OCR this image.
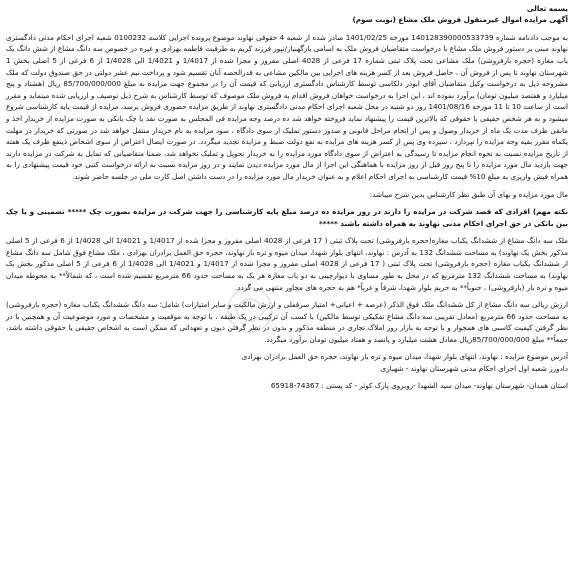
بسمه تعالی
آگهی مزایده اموال غیرمنقول فروش ملک مشاع (نوبت سوم)
به موجب دادنامه شماره 140128390000533739 مورخه 1401/02/25 صادر شده از شعبه 4 حقوقی نهاوند موضوع پرونده اجرایی کلاسه 0100232 شعبه اجرای احکام مدنی دادگستری نهاوند مبنی بر دستور فروش ملک مشاع با درخواست متقاضیان فروش ملک به اسامی بارگهنیاز/نپور فرزند کریم به طرفیت فاطمه بهزادی و غیره در خصوص سه دانگ مشاع از شش دانگ یک باب مغازه (حجره بارفروشی) ملک مشاعی تحت پلاک ثبتی شماره 17 فرعی از 4028 اصلی مفروز و مجزا شده از 1/4017 و 1/4021 الی 1/4028 از 6 فرعی از 5 اصلی بخش 1 شهرستان نهاوند تا پس از فروش آن ، حاصل فروش بعد از کسر هزینه های اجرایی بین مالکین مشاعی به قدرالحصه آنان تقسیم شود و پرداخت نیم عشر دولتی در حق صندوق دولت که ملک مشروحه ذیل به درخواست وکیل متقاضیان آقای ابوذر دلکاسی توسط کارشناس دادگستری ارزیابی که قیمت آن را در مجموع جهت مزایده به مبلغ 85/700/000/000 ریال (هشتاد و پنج میلیارد و هفتصد میلیون تومان) برآورد نموده اند ، این اجرا به درخواست خواهان فروش اقدام به فروش ملک موصوف که توسط کارشناس به شرح ذیل توصیف و ارزیابی شده مینماید و مقرر است از ساعت 10 تا 11 مورخه 1401/08/16 روز دو شنبه در محل شعبه اجرای احکام مدنی دادگستری نهاوند از طریق مزایده حضوری فروش برسد، مزایده از قیمت پایه کارشناسی شروع میشود و به هر شخص حقیقی یا حقوقی که بالاترین قیمت را پیشنهاد نماید فروخته خواهد شد ده درصد وجه مزایده فی المجلس به صورت نقد یا چک بانکی به صورت مزایده از خریدار اخذ و مابقی ظرف مدت یک ماه از خریدار وصول و پس از انجام مراحل قانونی و صدور دستور تملیک از سوی دادگاه ، سود مزایده به نام خریدار منتقل خواهد شد در صورتی که خریدار در مهلت یکماه مقرر بقیه وجه مزایده را نپردازد ، سپرده وی پس از کسر هزینه های مزایده به نفع دولت ضبط و مزایده تجدید میگردد. در صورت ایصال اعتراض از سوی اشخاص ذینفع ظرف یک هفته از تاریخ مزایده نسبت به نحوه انجام مزایده تا رسیدگی به اعتراض از سوی دادگاه مورد مزایده را به خریدار تحویل و تملیک نخواهد شد، ضمنا متقاضیانی که تمایل به شرکت در مزایده دارند جهت بازدید مال مورد مزایده را تا پنج روز قبل از روز مزایده با هماهنگی این اجرا از مال مورد مزایده دیدن نمایند و در روز مزایده نسبت به ارائه درخواست کتبی خود قیمت پیشنهادی را به همراه فیش واریزی به مبلغ 10% قیمت کارشناسی به اجرای احکام اعلام و به عنوان خریدار مال مورد مزایده را در دست داشتن اصل کارت ملی در جلسه حاضر شوند.
مال مورد مزایده و بهای آن طبق نظر کارشناس بدین شرح میباشد:
نکته مهم) افرادی که قصد شرکت در مزایده را دارند در روز مزایده ده درصد مبلغ پایه کارشناسی را جهت شرکت در مزایده بصورت چک ***** تضمینی و یا چک بین بانکی در حق اجرای احکام مدنی نهاوند به همراه داشته باشند *****
ملک سه دانگ مشاع از ششدانگ یکباب مغازه(حجره بارفروشی) تحت پلاک ثبتی ( 17 فرعی از 4028 اصلی مفروز و مجزا شده از 1/4017 و 1/4021 الی 1/4028 از 6 فرعی از 5 اصلی مذکور بخش یک نهاوند) به مساحت ششدانگ 132 به آدرس : نهاوند، انتهای بلوار شهدا، میدان میوه و تره بار نهاوند، حجره حق العمل برادران بهزادی ، ملک مشاع فوق شامل سه دانگ مشاع از ششدانگ یکباب مغازه (حجره بارفروشی) تحت پلاک ثبتی ( 17 فرعی از 4028 اصلی مفروز و مجزا شده از 1/4017 و 1/4021 الی 1/4028 از 6 فرعی از 5 اصلی مذکور بخش یک نهاوند) به مساحت ششدانگ 132 مترمربع که در محل به طور مساوی با دیوارچینی به دو باب مغازه هر یک به مساحت حدود 66 مترمربع تقسیم شده است ، که شمالاً** به محوطه میدان میوه و تره بار (بارفروشی) ، جنوباً** به حریم بلوار شهدا، شرقاً و غرباً* هم به حجره های مجاور منتهی می گردد.
ارزش ریالی سه دانگ مشاع از کل ششدانگ ملک فوق الذکر (عرصه + اعیانی+ امتیاز سرقفلی و ارزش مالکیت و سایر امتیازات) شامل؛ سه دانگ ششدانگ یکباب مغازه (حجره بارفروشی) به مساحت حدود 66 مترمربع (معادل تقریبی سه دانگ مشاع تفکیکی توسط مالکین) با کسب آن ترکیبی در یک طبقه ، با توجه به موقعیت و مشخصات و مورد موضوعیت آن و همچنین با در نظر گرفتن کیفیت کاسبی های همجوار و با توجه به بازار روز املاک تجاری در منطقه مذکور و بدون در نظر گرفتن دیون و تعهداتی که ممکن است به اشخاص حقیقی یا حقوقی داشته باشد، جمعاً** مبلغ 85/700/000/000ریال معادل هشت میلیارد و پانصد و هفتاد میلیون تومان برآورد میگردد.
آدرس موضوع مزایده : نهاوند، انتهای بلوار شهدا، میدان میوه و تره بار نهاوند، حجره حق العمل برادران بهزادی
دادورز شعبه اول اجرای احکام مدنی شهرستان نهاوند - شهبازی
استان همدان- شهرستان نهاوند- میدان سید الشهدا -روبروی پارک کوثر - کد پستی : 74367-65918
